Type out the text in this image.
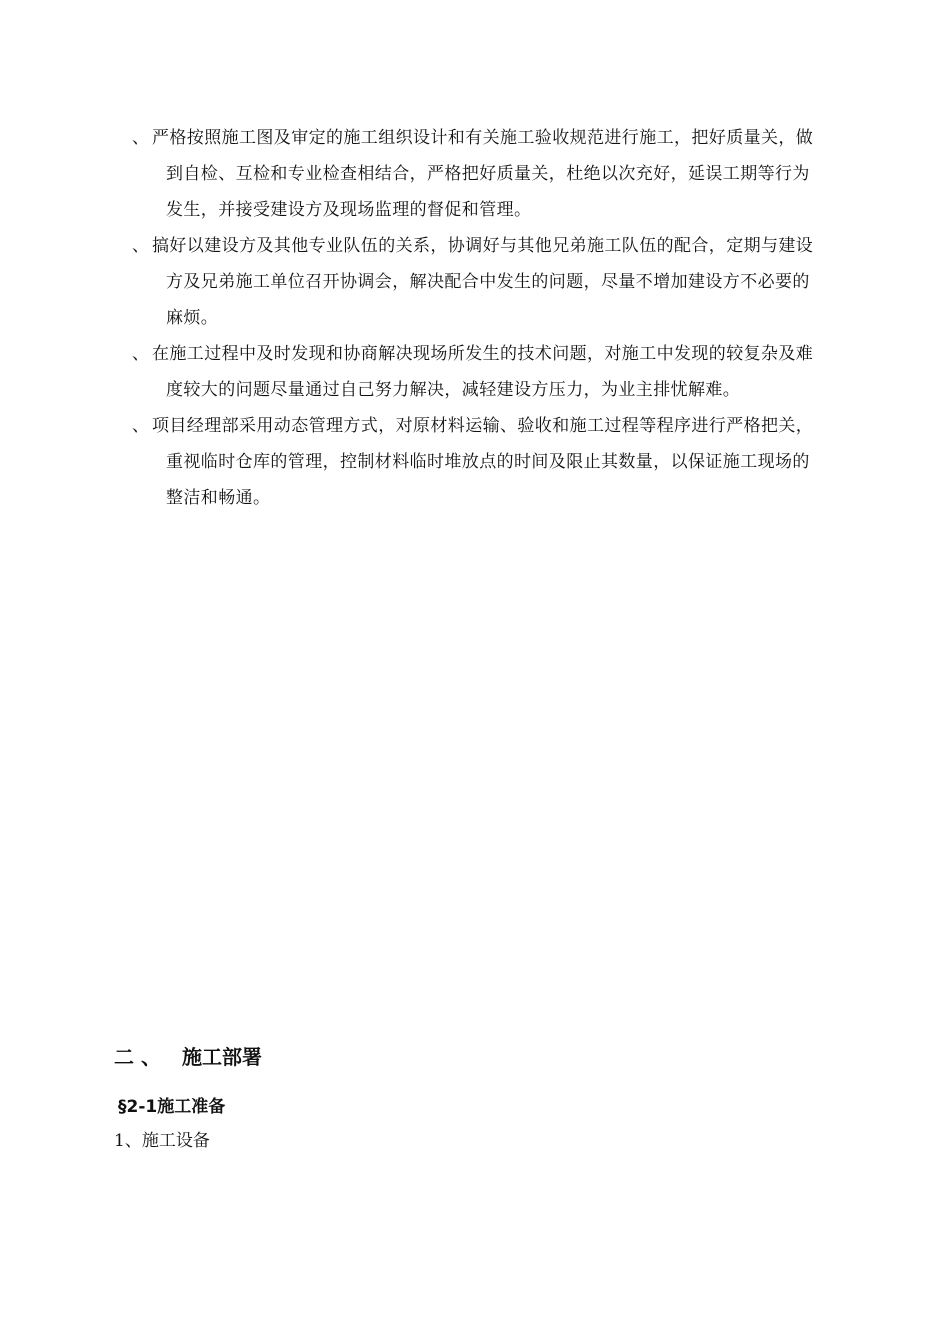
、 严格按照施工图及审定的施工组织设计和有关施工验收规范进行施工，把好质量关，做
到自检、互检和专业检查相结合，严格把好质量关，杜绝以次充好，延误工期等行为
发生，并接受建设方及现场监理的督促和管理。
、 搞好以建设方及其他专业队伍的关系，协调好与其他兄弟施工队伍的配合，定期与建设
方及兄弟施工单位召开协调会，解决配合中发生的问题，尽量不增加建设方不必要的
麻烦。
、 在施工过程中及时发现和协商解决现场所发生的技术问题，对施工中发现的较复杂及难
度较大的问题尽量通过自己努力解决，减轻建设方压力，为业主排忧解难。
、 项目经理部采用动态管理方式，对原材料运输、验收和施工过程等程序进行严格把关，
重视临时仓库的管理，控制材料临时堆放点的时间及限止其数量，以保证施工现场的
整洁和畅通。
二 、 施工部署
§2-1施工准备
1、施工设备
